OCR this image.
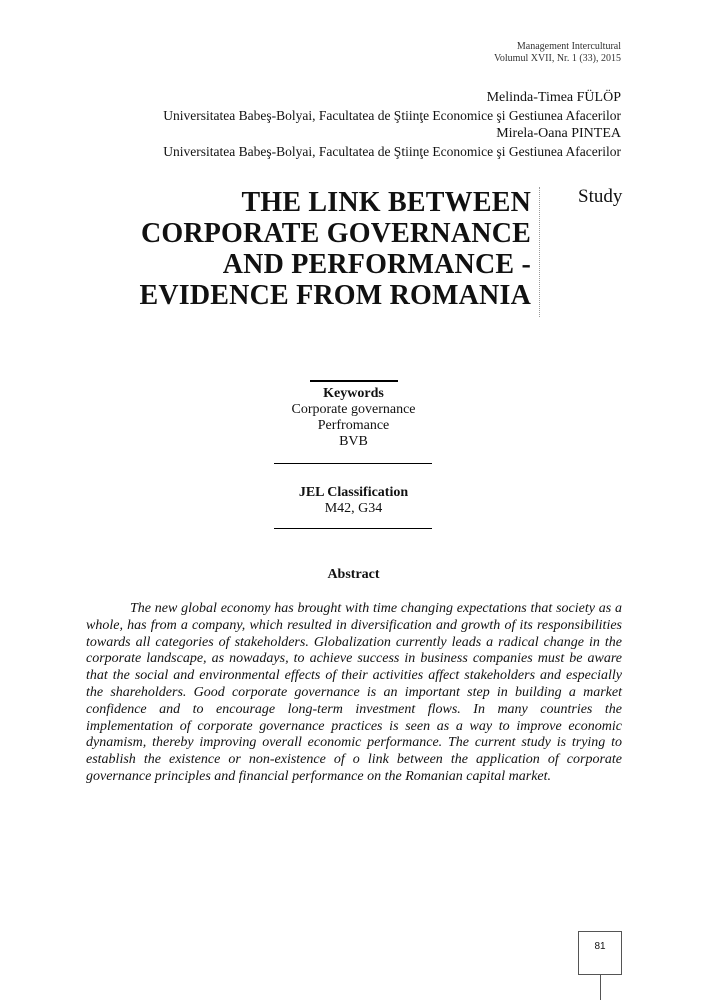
Management Intercultural
Volumul XVII, Nr. 1 (33), 2015
Melinda-Timea FÜLÖP
Universitatea Babeş-Bolyai, Facultatea de Ştiinţe Economice şi Gestiunea Afacerilor
Mirela-Oana PINTEA
Universitatea Babeş-Bolyai, Facultatea de Ştiinţe Economice şi Gestiunea Afacerilor
THE LINK BETWEEN
CORPORATE GOVERNANCE
AND PERFORMANCE -
EVIDENCE FROM ROMANIA
Study
Keywords
Corporate governance
Perfromance
BVB
JEL Classification
M42, G34
Abstract
The new global economy has brought with time changing expectations that society as a whole, has from a company, which resulted in diversification and growth of its responsibilities towards all categories of stakeholders. Globalization currently leads a radical change in the corporate landscape, as nowadays, to achieve success in business companies must be aware that the social and environmental effects of their activities affect stakeholders and especially the shareholders. Good corporate governance is an important step in building a market confidence and to encourage long-term investment flows. In many countries the implementation of corporate governance practices is seen as a way to improve economic dynamism, thereby improving overall economic performance. The current study is trying to establish the existence or non-existence of o link between the application of corporate governance principles and financial performance on the Romanian capital market.
81
